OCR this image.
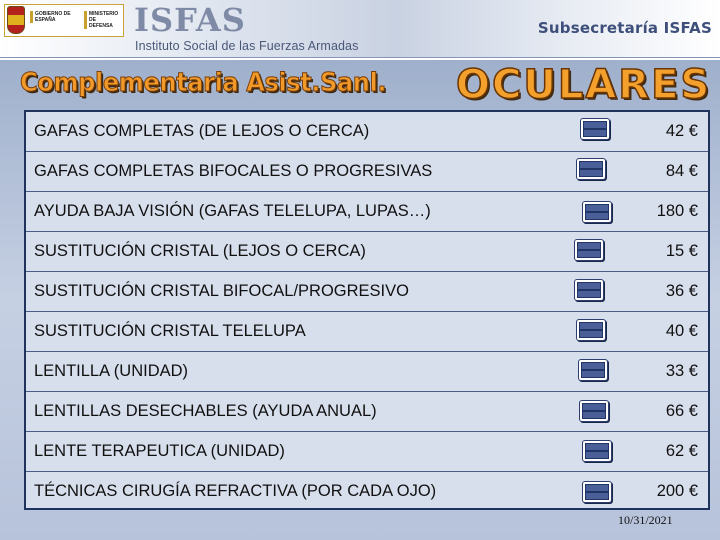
GOBIERNO DE ESPAÑA
MINISTERIO DE DEFENSA ISFAS
Instituto Social de las Fuerzas Armadas
Subsecretaría ISFAS
Complementaria Asist.Sanl. OCULARES
GAFAS COMPLETAS (DE LEJOS O CERCA)	42 €
GAFAS COMPLETAS BIFOCALES O PROGRESIVAS	84 €
AYUDA BAJA VISIÓN (GAFAS TELELUPA, LUPAS…)	180 €
SUSTITUCIÓN CRISTAL (LEJOS O CERCA)	15 €
SUSTITUCIÓN CRISTAL BIFOCAL/PROGRESIVO	36 €
SUSTITUCIÓN CRISTAL TELELUPA	40 €
LENTILLA (UNIDAD)	33 €
LENTILLAS DESECHABLES (AYUDA ANUAL)	66 €
LENTE TERAPEUTICA (UNIDAD)	62 €
TÉCNICAS CIRUGÍA REFRACTIVA (POR CADA OJO)	200 €
10/31/2021
